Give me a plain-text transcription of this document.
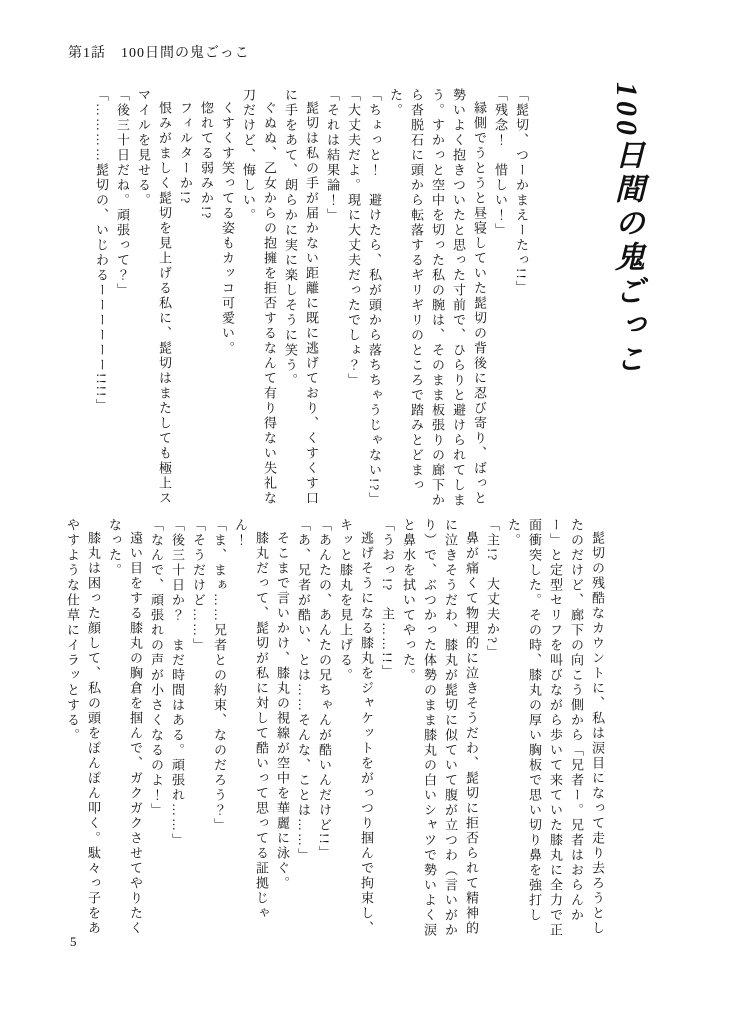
第1話　100日間の鬼ごっこ
100日間の鬼ごっこ

「髭切、つーかまえーたっ!!」

「残念！　惜しい！」

縁側でうとうと昼寝していた髭切の背後に忍び寄り、ばっと勢いよく抱きついたと思った寸前で、ひらりと避けられてしまう。すかっと空中を切った私の腕は、そのまま板張りの廊下から沓脱石に頭から転落するギリギリのところで踏みとどまった。

「ちょっと！　避けたら、私が頭から落ちちゃうじゃない!?」

「大丈夫だよ。現に大丈夫だったでしょ？」

「それは結果論！」

髭切は私の手が届かない距離に既に逃げており、くすくす口に手をあて、朗らかに実に楽しそうに笑う。

ぐぬぬ、乙女からの抱擁を拒否するなんて有り得ない失礼な刀だけど、悔しい。

くすくす笑ってる姿もカッコ可愛い。

惚れてる弱みか!?

フィルターか!?

恨みがましく髭切を見上げる私に、髭切はまたしても極上スマイルを見せる。

「後三十日だね。頑張って？」

「…………髭切の、いじわるーーーーーー!!!!」

髭切の残酷なカウントに、私は涙目になって走り去ろうとしたのだけど、廊下の向こう側から「兄者ー。兄者はおらんかー」と定型セリフを叫びながら歩いて来ていた膝丸に全力で正面衝突した。その時、膝丸の厚い胸板で思い切り鼻を強打した。

「主!?　大丈夫か?」

鼻が痛くて物理的に泣きそうだわ、髭切に拒否られて精神的に泣きそうだわ、膝丸が髭切に似ていて腹が立つわ（言いがかり）で、ぶつかった体勢のまま膝丸の白いシャツで勢いよく涙と鼻水を拭いてやった。

「うおっ!?　主……!!」

逃げそうになる膝丸をジャケットをがっつり掴んで拘束し、キッと膝丸を見上げる。

「あんたの、あんたの兄ちゃんが酷いんだけど!!」

「あ、兄者が酷い、とは……そんな、ことは……」

そこまで言いかけ、膝丸の視線が空中を華麗に泳ぐ。

膝丸だって、髭切が私に対して酷いって思ってる証拠じゃん！

「ま、まぁ……兄者との約束、なのだろう？」

「そうだけど……」

「後三十日か？　まだ時間はある。頑張れ……」

「なんで、頑張れの声が小さくなるのよ！」

遠い目をする膝丸の胸倉を掴んで、ガクガクさせてやりたくなった。

膝丸は困った顔して、私の頭をぽんぽん叩く。駄々っ子をあやすような仕草にイラッとする。

5
